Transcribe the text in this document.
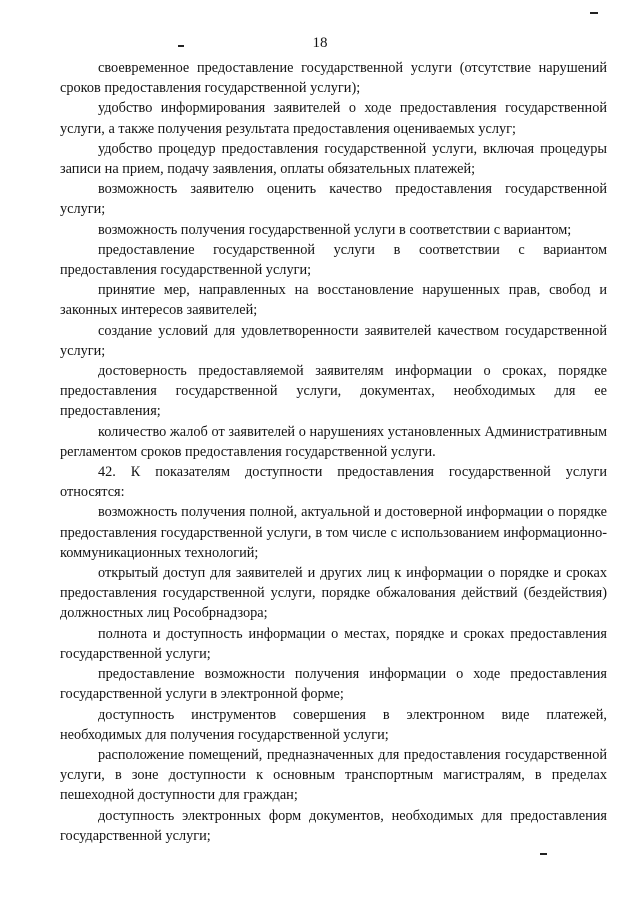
18

своевременное предоставление государственной услуги (отсутствие нарушений сроков предоставления государственной услуги);

удобство информирования заявителей о ходе предоставления государственной услуги, а также получения результата предоставления оцениваемых услуг;

удобство процедур предоставления государственной услуги, включая процедуры записи на прием, подачу заявления, оплаты обязательных платежей;

возможность заявителю оценить качество предоставления государственной услуги;

возможность получения государственной услуги в соответствии с вариантом;

предоставление государственной услуги в соответствии с вариантом предоставления государственной услуги;

принятие мер, направленных на восстановление нарушенных прав, свобод и законных интересов заявителей;

создание условий для удовлетворенности заявителей качеством государственной услуги;

достоверность предоставляемой заявителям информации о сроках, порядке предоставления государственной услуги, документах, необходимых для ее предоставления;

количество жалоб от заявителей о нарушениях установленных Административным регламентом сроков предоставления государственной услуги.

42. К показателям доступности предоставления государственной услуги относятся:

возможность получения полной, актуальной и достоверной информации о порядке предоставления государственной услуги, в том числе с использованием информационно-коммуникационных технологий;

открытый доступ для заявителей и других лиц к информации о порядке и сроках предоставления государственной услуги, порядке обжалования действий (бездействия) должностных лиц Рособрнадзора;

полнота и доступность информации о местах, порядке и сроках предоставления государственной услуги;

предоставление возможности получения информации о ходе предоставления государственной услуги в электронной форме;

доступность инструментов совершения в электронном виде платежей, необходимых для получения государственной услуги;

расположение помещений, предназначенных для предоставления государственной услуги, в зоне доступности к основным транспортным магистралям, в пределах пешеходной доступности для граждан;

доступность электронных форм документов, необходимых для предоставления государственной услуги;
